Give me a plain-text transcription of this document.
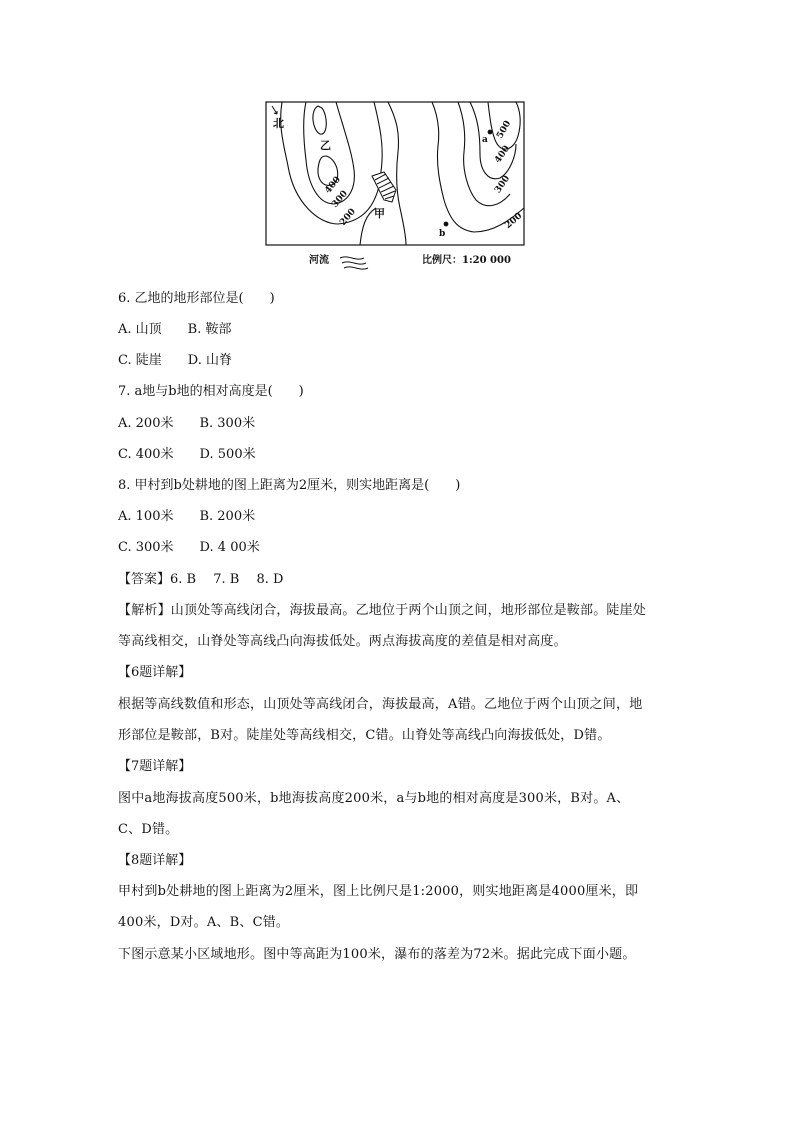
北
乙
甲
a
b
500
400
300
200
400
300
200
河流	比例尺：1:20 000
6. 乙地的地形部位是(　　)
A. 山顶　　B. 鞍部
C. 陡崖　　D. 山脊
7. a地与b地的相对高度是(　　)
A. 200米　　B. 300米
C. 400米　　D. 500米
8. 甲村到b处耕地的图上距离为2厘米，则实地距离是(　　)
A. 100米　　B. 200米
C. 300米　　D. 4 00米
【答案】6. B　 7. B　 8. D
【解析】山顶处等高线闭合，海拔最高。乙地位于两个山顶之间，地形部位是鞍部。陡崖处
等高线相交，山脊处等高线凸向海拔低处。两点海拔高度的差值是相对高度。
【6题详解】
根据等高线数值和形态，山顶处等高线闭合，海拔最高，A错。乙地位于两个山顶之间，地
形部位是鞍部，B对。陡崖处等高线相交，C错。山脊处等高线凸向海拔低处，D错。
【7题详解】
图中a地海拔高度500米，b地海拔高度200米，a与b地的相对高度是300米，B对。A、
C、D错。
【8题详解】
甲村到b处耕地的图上距离为2厘米，图上比例尺是1:2000，则实地距离是4000厘米，即
400米，D对。A、B、C错。
下图示意某小区域地形。图中等高距为100米，瀑布的落差为72米。据此完成下面小题。
